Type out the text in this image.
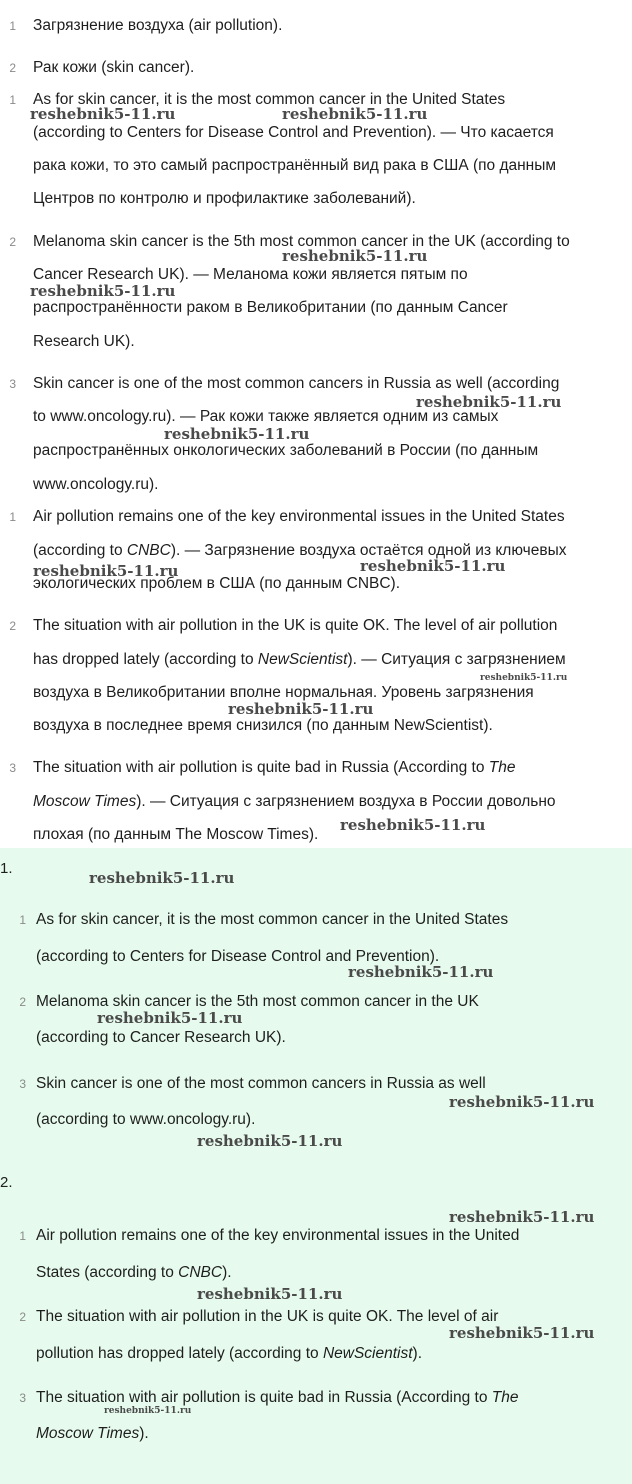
1 Загрязнение воздуха (air pollution).
2 Рак кожи (skin cancer).
1 As for skin cancer, it is the most common cancer in the United States
(according to Centers for Disease Control and Prevention). — Что касается
рака кожи, то это самый распространённый вид рака в США (по данным
Центров по контролю и профилактике заболеваний).
2 Melanoma skin cancer is the 5th most common cancer in the UK (according to
Cancer Research UK). — Меланома кожи является пятым по
распространённости раком в Великобритании (по данным Cancer
Research UK).
3 Skin cancer is one of the most common cancers in Russia as well (according
to www.oncology.ru). — Рак кожи также является одним из самых
распространённых онкологических заболеваний в России (по данным
www.oncology.ru).
1 Air pollution remains one of the key environmental issues in the United States
(according to CNBC). — Загрязнение воздуха остаётся одной из ключевых
экологических проблем в США (по данным CNBC).
2 The situation with air pollution in the UK is quite OK. The level of air pollution
has dropped lately (according to NewScientist). — Ситуация с загрязнением
воздуха в Великобритании вполне нормальная. Уровень загрязнения
воздуха в последнее время снизился (по данным NewScientist).
3 The situation with air pollution is quite bad in Russia (According to The
Moscow Times). — Ситуация с загрязнением воздуха в России довольно
плохая (по данным The Moscow Times).
reshebnik5-11.ru	reshebnik5-11.ru
reshebnik5-11.ru
reshebnik5-11.ru
reshebnik5-11.ru
reshebnik5-11.ru
reshebnik5-11.ru	reshebnik5-11.ru
reshebnik5-11.ru
reshebnik5-11.ru
reshebnik5-11.ru
1.
reshebnik5-11.ru
1 As for skin cancer, it is the most common cancer in the United States
(according to Centers for Disease Control and Prevention).
2 Melanoma skin cancer is the 5th most common cancer in the UK
(according to Cancer Research UK).
3 Skin cancer is one of the most common cancers in Russia as well
(according to www.oncology.ru).
reshebnik5-11.ru
reshebnik5-11.ru
reshebnik5-11.ru
reshebnik5-11.ru
2.
reshebnik5-11.ru
1 Air pollution remains one of the key environmental issues in the United
States (according to CNBC).
2 The situation with air pollution in the UK is quite OK. The level of air
pollution has dropped lately (according to NewScientist).
3 The situation with air pollution is quite bad in Russia (According to The
Moscow Times).
reshebnik5-11.ru
reshebnik5-11.ru
reshebnik5-11.ru
